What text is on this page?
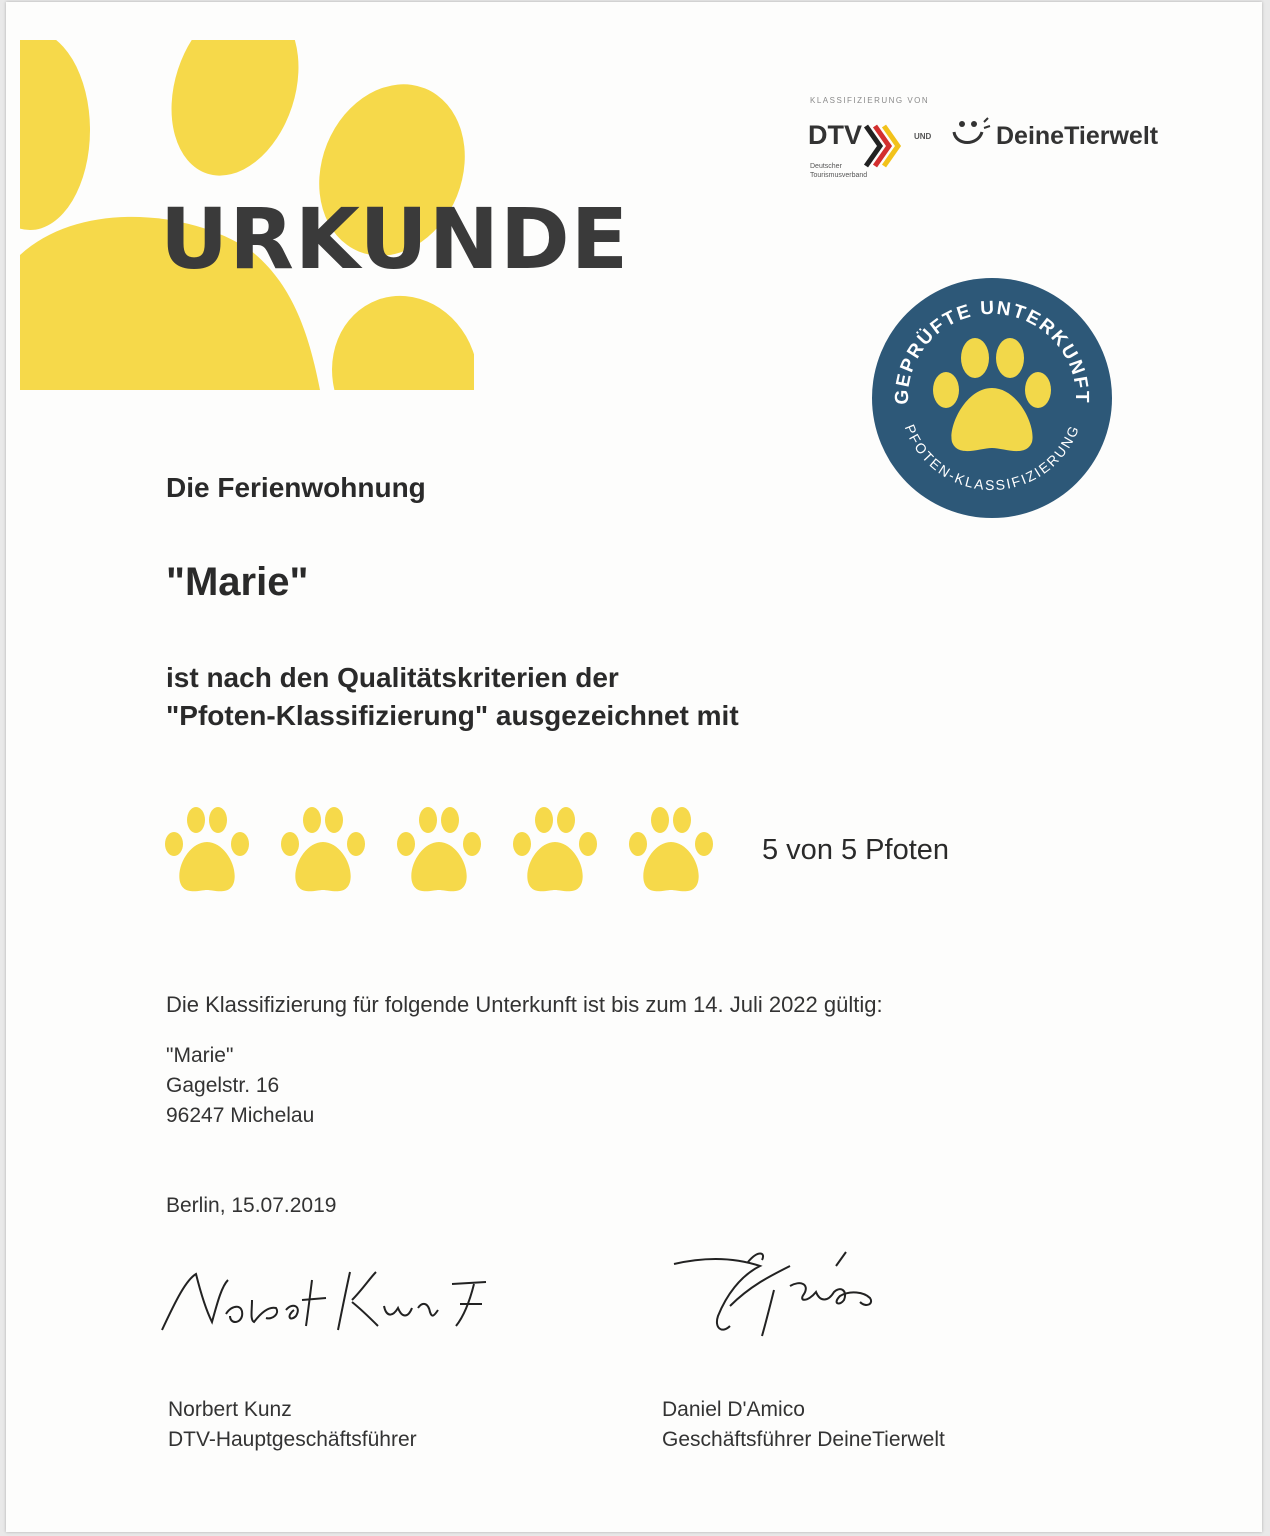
URKUNDE
KLASSIFIZIERUNG VON
DTV
Deutscher Tourismusverband
UND	DeineTierwelt
GEPRÜFTE UNTERKUNFT
PFOTEN-KLASSIFIZIERUNG
Die Ferienwohnung
"Marie"
ist nach den Qualitätskriterien der
"Pfoten-Klassifizierung" ausgezeichnet mit
5 von 5 Pfoten
Die Klassifizierung für folgende Unterkunft ist bis zum 14. Juli 2022 gültig:
"Marie"
Gagelstr. 16
96247 Michelau
Berlin, 15.07.2019
Norbert Kunz
DTV-Hauptgeschäftsführer
Daniel D'Amico
Geschäftsführer DeineTierwelt
